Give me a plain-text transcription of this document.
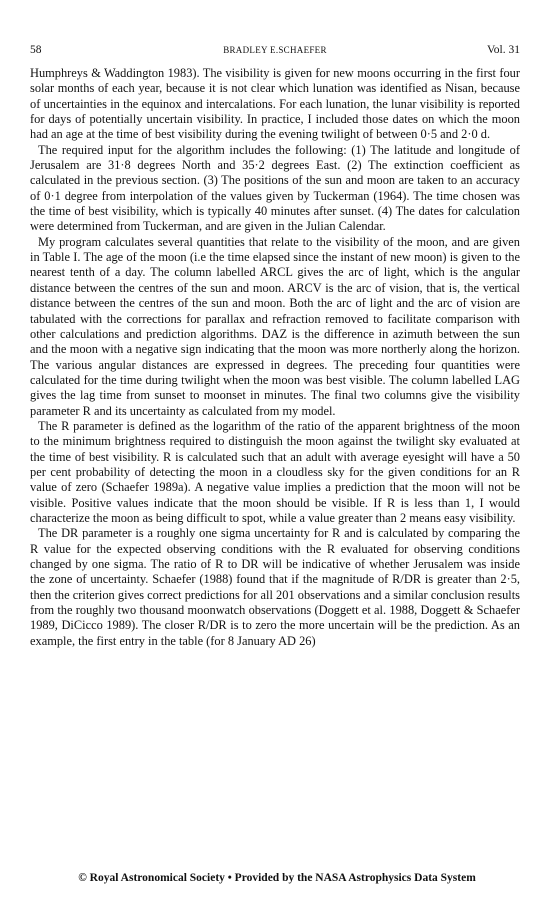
58	BRADLEY E.SCHAEFER	Vol. 31

Humphreys & Waddington 1983). The visibility is given for new moons occurring in the first four solar months of each year, because it is not clear which lunation was identified as Nisan, because of uncertainties in the equinox and intercalations. For each lunation, the lunar visibility is reported for days of potentially uncertain visibility. In practice, I included those dates on which the moon had an age at the time of best visibility during the evening twilight of between 0·5 and 2·0 d.

The required input for the algorithm includes the following: (1) The latitude and longitude of Jerusalem are 31·8 degrees North and 35·2 degrees East. (2) The extinction coefficient as calculated in the previous section. (3) The positions of the sun and moon are taken to an accuracy of 0·1 degree from interpolation of the values given by Tuckerman (1964). The time chosen was the time of best visibility, which is typically 40 minutes after sunset. (4) The dates for calculation were determined from Tuckerman, and are given in the Julian Calendar.

My program calculates several quantities that relate to the visibility of the moon, and are given in Table I. The age of the moon (i.e the time elapsed since the instant of new moon) is given to the nearest tenth of a day. The column labelled ARCL gives the arc of light, which is the angular distance between the centres of the sun and moon. ARCV is the arc of vision, that is, the vertical distance between the centres of the sun and moon. Both the arc of light and the arc of vision are tabulated with the corrections for parallax and refraction removed to facilitate comparison with other calculations and prediction algorithms. DAZ is the difference in azimuth between the sun and the moon with a negative sign indicating that the moon was more northerly along the horizon. The various angular distances are expressed in degrees. The preceding four quantities were calculated for the time during twilight when the moon was best visible. The column labelled LAG gives the lag time from sunset to moonset in minutes. The final two columns give the visibility parameter R and its uncertainty as calculated from my model.

The R parameter is defined as the logarithm of the ratio of the apparent brightness of the moon to the minimum brightness required to distinguish the moon against the twilight sky evaluated at the time of best visibility. R is calculated such that an adult with average eyesight will have a 50 per cent probability of detecting the moon in a cloudless sky for the given conditions for an R value of zero (Schaefer 1989a). A negative value implies a prediction that the moon will not be visible. Positive values indicate that the moon should be visible. If R is less than 1, I would characterize the moon as being difficult to spot, while a value greater than 2 means easy visibility.

The DR parameter is a roughly one sigma uncertainty for R and is calculated by comparing the R value for the expected observing conditions with the R evaluated for observing conditions changed by one sigma. The ratio of R to DR will be indicative of whether Jerusalem was inside the zone of uncertainty. Schaefer (1988) found that if the magnitude of R/DR is greater than 2·5, then the criterion gives correct predictions for all 201 observations and a similar conclusion results from the roughly two thousand moonwatch observations (Doggett et al. 1988, Doggett & Schaefer 1989, DiCicco 1989). The closer R/DR is to zero the more uncertain will be the prediction. As an example, the first entry in the table (for 8 January AD 26)

© Royal Astronomical Society • Provided by the NASA Astrophysics Data System
